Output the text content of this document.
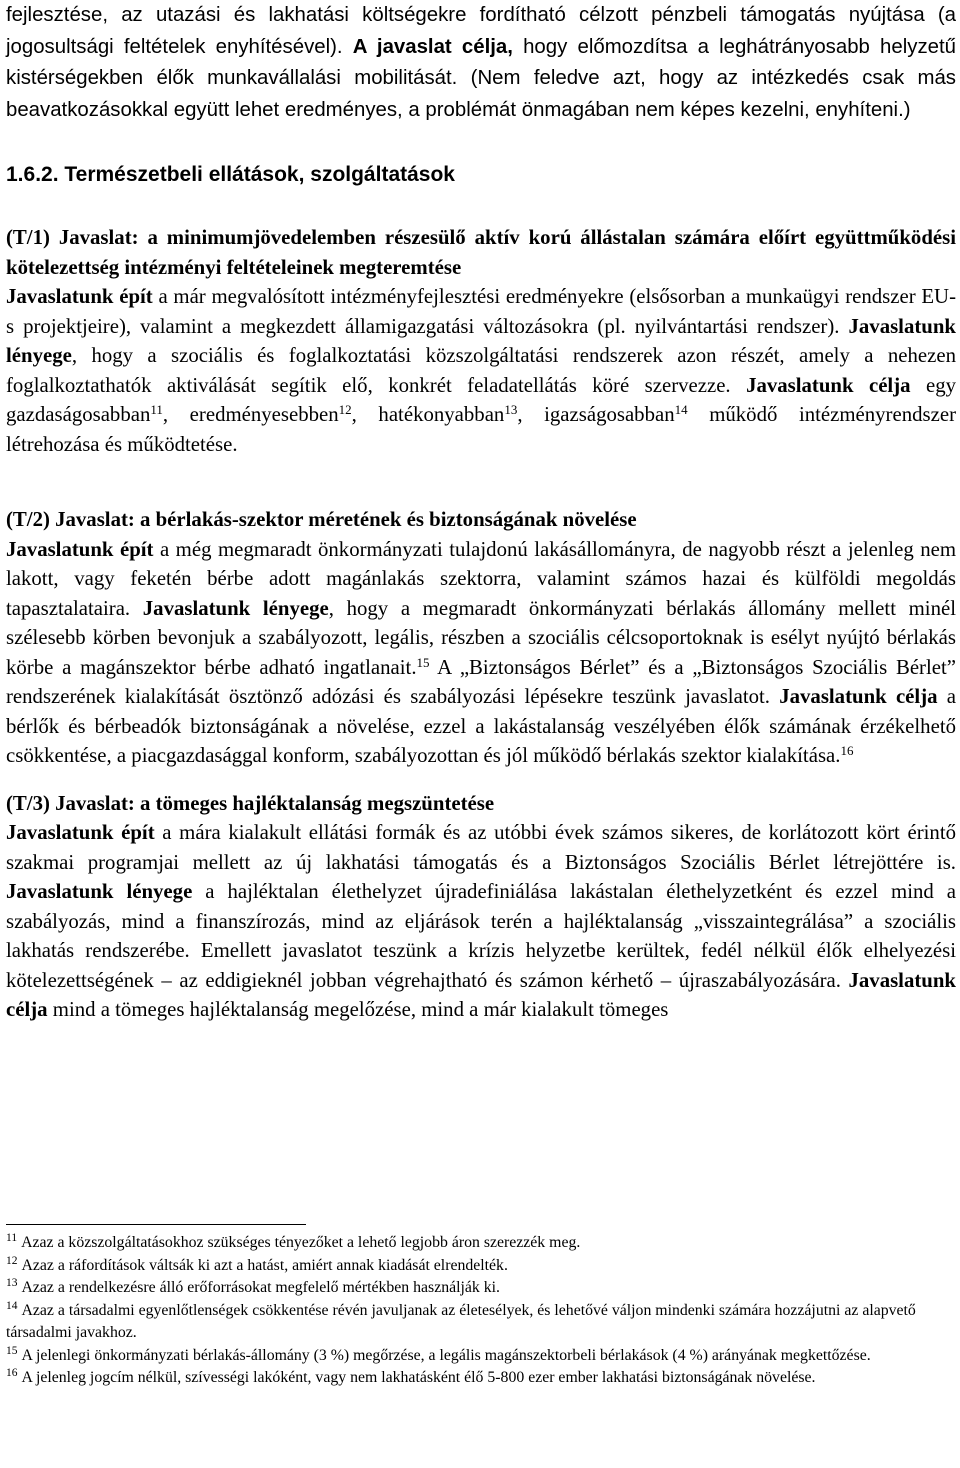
fejlesztése, az utazási és lakhatási költségekre fordítható célzott pénzbeli támogatás nyújtása (a jogosultsági feltételek enyhítésével). A javaslat célja, hogy előmozdítsa a leghátrányosabb helyzetű kistérségekben élők munkavállalási mobilitását. (Nem feledve azt, hogy az intézkedés csak más beavatkozásokkal együtt lehet eredményes, a problémát önmagában nem képes kezelni, enyhíteni.)

1.6.2. Természetbeli ellátások, szolgáltatások

(T/1) Javaslat: a minimumjövedelemben részesülő aktív korú állástalan számára előírt együttműködési kötelezettség intézményi feltételeinek megteremtése

Javaslatunk épít a már megvalósított intézményfejlesztési eredményekre (elsősorban a munkaügyi rendszer EU-s projektjeire), valamint a megkezdett államigazgatási változásokra (pl. nyilvántartási rendszer). Javaslatunk lényege, hogy a szociális és foglalkoztatási közszolgáltatási rendszerek azon részét, amely a nehezen foglalkoztathatók aktiválását segítik elő, konkrét feladatellátás köré szervezze. Javaslatunk célja egy gazdaságosabban$^{11}$, eredményesebben$^{12}$, hatékonyabban$^{13}$, igazságosabban$^{14}$ működő intézményrendszer létrehozása és működtetése.

(T/2) Javaslat: a bérlakás-szektor méretének és biztonságának növelése

Javaslatunk épít a még megmaradt önkormányzati tulajdonú lakásállományra, de nagyobb részt a jelenleg nem lakott, vagy feketén bérbe adott magánlakás szektorra, valamint számos hazai és külföldi megoldás tapasztalataira. Javaslatunk lényege, hogy a megmaradt önkormányzati bérlakás állomány mellett minél szélesebb körben bevonjuk a szabályozott, legális, részben a szociális célcsoportoknak is esélyt nyújtó bérlakás körbe a magánszektor bérbe adható ingatlanait.$^{15}$ A „Biztonságos Bérlet” és a „Biztonságos Szociális Bérlet” rendszerének kialakítását ösztönző adózási és szabályozási lépésekre teszünk javaslatot. Javaslatunk célja a bérlők és bérbeadók biztonságának a növelése, ezzel a lakástalanság veszélyében élők számának érzékelhető csökkentése, a piacgazdasággal konform, szabályozottan és jól működő bérlakás szektor kialakítása.$^{16}$

(T/3) Javaslat: a tömeges hajléktalanság megszüntetése

Javaslatunk épít a mára kialakult ellátási formák és az utóbbi évek számos sikeres, de korlátozott kört érintő szakmai programjai mellett az új lakhatási támogatás és a Biztonságos Szociális Bérlet létrejöttére is. Javaslatunk lényege a hajléktalan élethelyzet újradefiniálása lakástalan élethelyzetként és ezzel mind a szabályozás, mind a finanszírozás, mind az eljárások terén a hajléktalanság „visszaintegrálása” a szociális lakhatás rendszerébe. Emellett javaslatot teszünk a krízis helyzetbe kerültek, fedél nélkül élők elhelyezési kötelezettségének – az eddigieknél jobban végrehajtható és számon kérhető – újraszabályozására. Javaslatunk célja mind a tömeges hajléktalanság megelőzése, mind a már kialakult tömeges

$^{11}$ Azaz a közszolgáltatásokhoz szükséges tényezőket a lehető legjobb áron szerezzék meg.

$^{12}$ Azaz a ráfordítások váltsák ki azt a hatást, amiért annak kiadását elrendelték.

$^{13}$ Azaz a rendelkezésre álló erőforrásokat megfelelő mértékben használják ki.

$^{14}$ Azaz a társadalmi egyenlőtlenségek csökkentése révén javuljanak az életesélyek, és lehetővé váljon mindenki számára hozzájutni az alapvető társadalmi javakhoz.

$^{15}$ A jelenlegi önkormányzati bérlakás-állomány (3 %) megőrzése, a legális magánszektorbeli bérlakások (4 %) arányának megkettőzése.

$^{16}$ A jelenleg jogcím nélkül, szívességi lakóként, vagy nem lakhatásként élő 5-800 ezer ember lakhatási biztonságának növelése.
